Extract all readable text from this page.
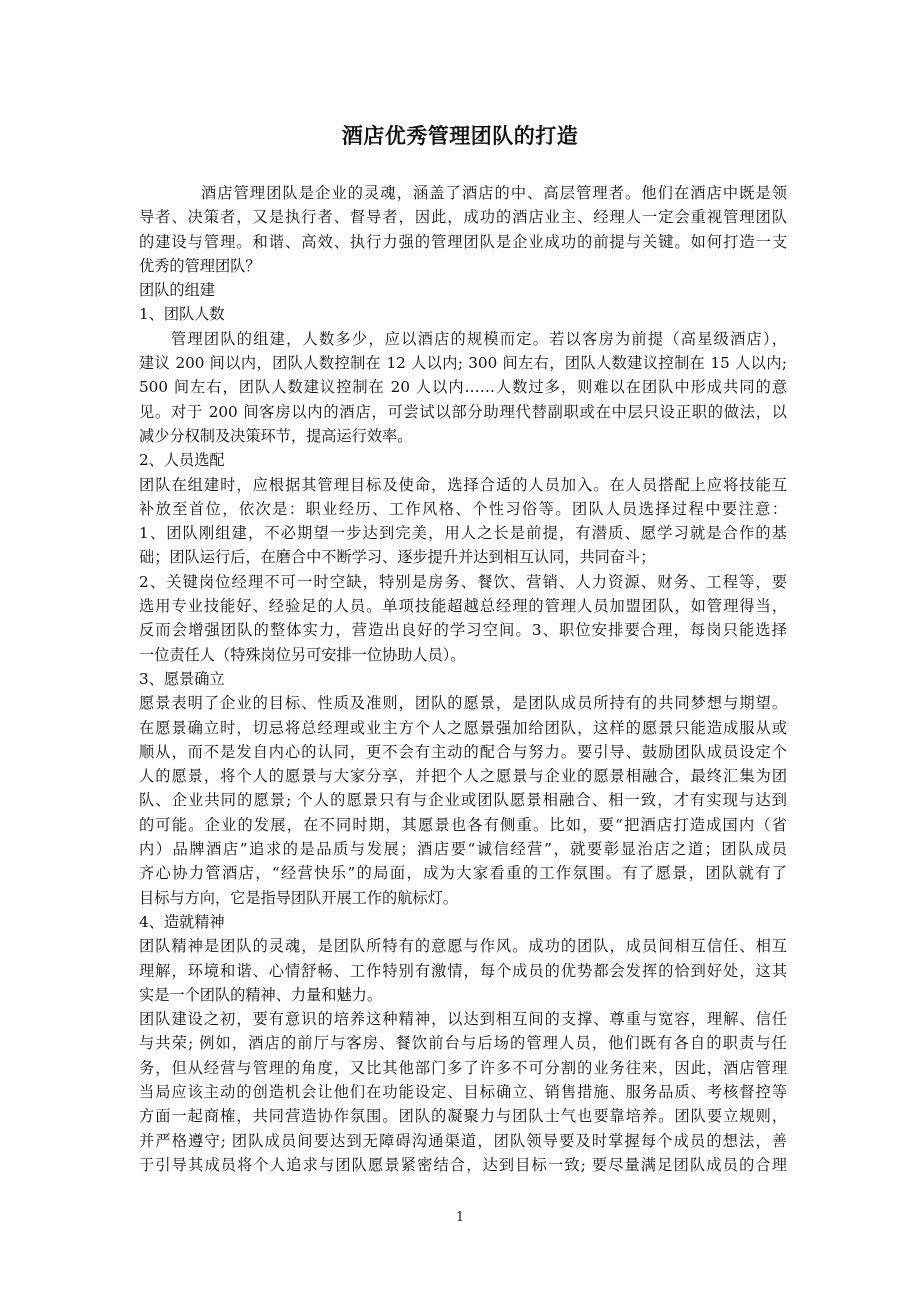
酒店优秀管理团队的打造
酒店管理团队是企业的灵魂，涵盖了酒店的中、高层管理者。他们在酒店中既是领
导者、决策者，又是执行者、督导者，因此，成功的酒店业主、经理人一定会重视管理团队
的建设与管理。和谐、高效、执行力强的管理团队是企业成功的前提与关键。如何打造一支
优秀的管理团队？
团队的组建
1、团队人数
管理团队的组建，人数多少，应以酒店的规模而定。若以客房为前提（高星级酒店），
建议 200 间以内，团队人数控制在 12 人以内; 300 间左右，团队人数建议控制在 15 人以内;
500 间左右，团队人数建议控制在 20 人以内……人数过多，则难以在团队中形成共同的意
见。对于 200 间客房以内的酒店，可尝试以部分助理代替副职或在中层只设正职的做法，以
减少分权制及决策环节，提高运行效率。
2、人员选配
团队在组建时，应根据其管理目标及使命，选择合适的人员加入。在人员搭配上应将技能互
补放至首位，依次是：职业经历、工作风格、个性习俗等。团队人员选择过程中要注意：
1、团队刚组建，不必期望一步达到完美，用人之长是前提，有潜质、愿学习就是合作的基
础；团队运行后，在磨合中不断学习、逐步提升并达到相互认同，共同奋斗；
2、关键岗位经理不可一时空缺，特别是房务、餐饮、营销、人力资源、财务、工程等，要
选用专业技能好、经验足的人员。单项技能超越总经理的管理人员加盟团队，如管理得当，
反而会增强团队的整体实力，营造出良好的学习空间。3、职位安排要合理，每岗只能选择
一位责任人（特殊岗位另可安排一位协助人员）。
3、愿景确立
愿景表明了企业的目标、性质及准则，团队的愿景，是团队成员所持有的共同梦想与期望。
在愿景确立时，切忌将总经理或业主方个人之愿景强加给团队，这样的愿景只能造成服从或
顺从，而不是发自内心的认同，更不会有主动的配合与努力。要引导、鼓励团队成员设定个
人的愿景，将个人的愿景与大家分享，并把个人之愿景与企业的愿景相融合，最终汇集为团
队、企业共同的愿景; 个人的愿景只有与企业或团队愿景相融合、相一致，才有实现与达到
的可能。企业的发展，在不同时期，其愿景也各有侧重。比如，要“把酒店打造成国内（省
内）品牌酒店”追求的是品质与发展；酒店要“诚信经营”，就要彰显治店之道；团队成员
齐心协力管酒店，“经营快乐”的局面，成为大家看重的工作氛围。有了愿景，团队就有了
目标与方向，它是指导团队开展工作的航标灯。
4、造就精神
团队精神是团队的灵魂，是团队所特有的意愿与作风。成功的团队，成员间相互信任、相互
理解，环境和谐、心情舒畅、工作特别有激情，每个成员的优势都会发挥的恰到好处，这其
实是一个团队的精神、力量和魅力。
团队建设之初，要有意识的培养这种精神，以达到相互间的支撑、尊重与宽容，理解、信任
与共荣; 例如，酒店的前厅与客房、餐饮前台与后场的管理人员，他们既有各自的职责与任
务，但从经营与管理的角度，又比其他部门多了许多不可分割的业务往来，因此，酒店管理
当局应该主动的创造机会让他们在功能设定、目标确立、销售措施、服务品质、考核督控等
方面一起商榷，共同营造协作氛围。团队的凝聚力与团队士气也要靠培养。团队要立规则，
并严格遵守; 团队成员间要达到无障碍沟通渠道，团队领导要及时掌握每个成员的想法，善
于引导其成员将个人追求与团队愿景紧密结合，达到目标一致; 要尽量满足团队成员的合理
1
